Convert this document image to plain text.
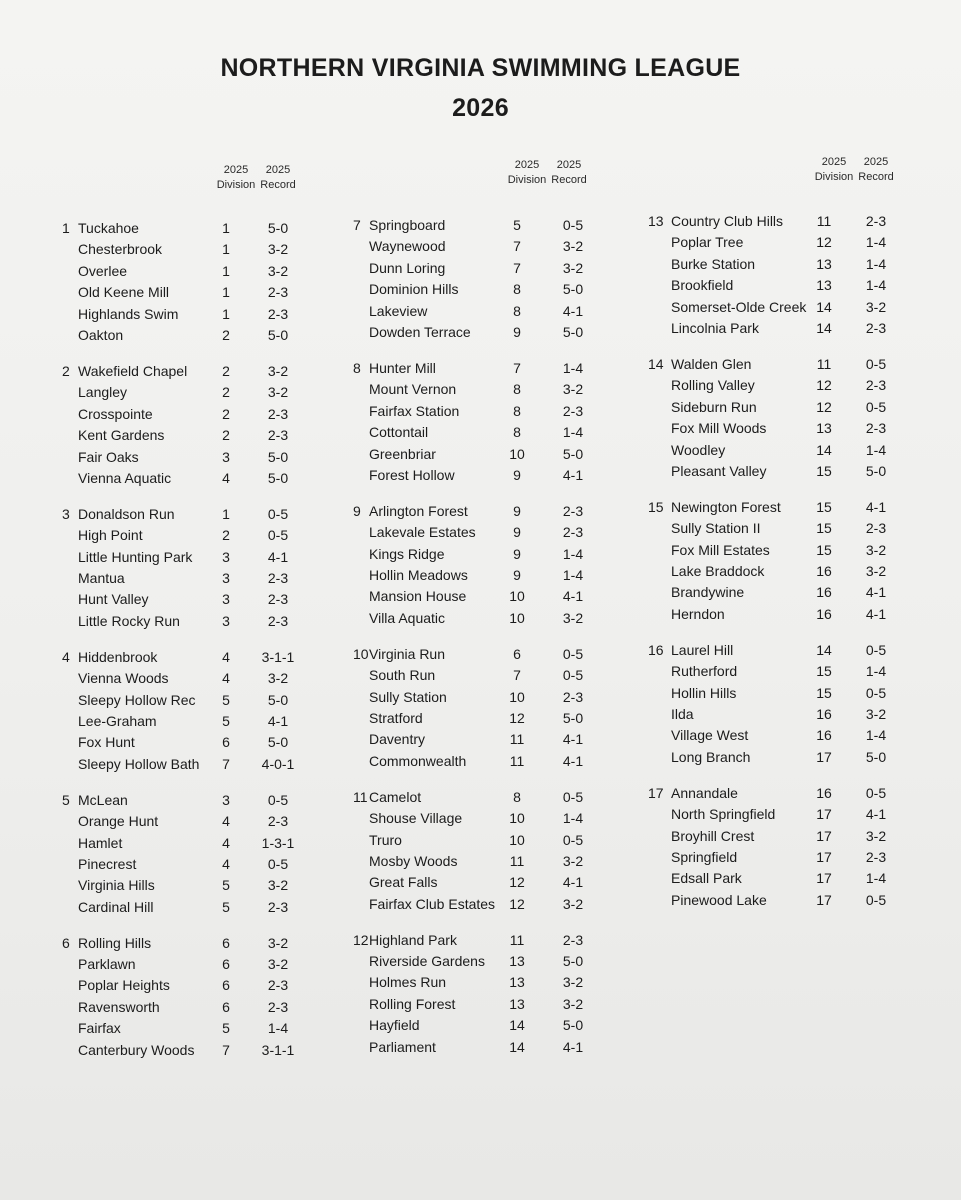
NORTHERN VIRGINIA SWIMMING LEAGUE
2026
2025
Division
2025
Record
1 Tuckahoe	1	5-0
Chesterbrook	1	3-2
Overlee	1	3-2
Old Keene Mill	1	2-3
Highlands Swim	1	2-3
Oakton	2	5-0
2 Wakefield Chapel	2	3-2
Langley	2	3-2
Crosspointe	2	2-3
Kent Gardens	2	2-3
Fair Oaks	3	5-0
Vienna Aquatic	4	5-0
3 Donaldson Run	1	0-5
High Point	2	0-5
Little Hunting Park	3	4-1
Mantua	3	2-3
Hunt Valley	3	2-3
Little Rocky Run	3	2-3
4 Hiddenbrook	4	3-1-1
Vienna Woods	4	3-2
Sleepy Hollow Rec	5	5-0
Lee-Graham	5	4-1
Fox Hunt	6	5-0
Sleepy Hollow Bath	7	4-0-1
5 McLean	3	0-5
Orange Hunt	4	2-3
Hamlet	4	1-3-1
Pinecrest	4	0-5
Virginia Hills	5	3-2
Cardinal Hill	5	2-3
6 Rolling Hills	6	3-2
Parklawn	6	3-2
Poplar Heights	6	2-3
Ravensworth	6	2-3
Fairfax	5	1-4
Canterbury Woods	7	3-1-1
2025
Division
2025
Record
7 Springboard	5	0-5
Waynewood	7	3-2
Dunn Loring	7	3-2
Dominion Hills	8	5-0
Lakeview	8	4-1
Dowden Terrace	9	5-0
8 Hunter Mill	7	1-4
Mount Vernon	8	3-2
Fairfax Station	8	2-3
Cottontail	8	1-4
Greenbriar	10	5-0
Forest Hollow	9	4-1
9 Arlington Forest	9	2-3
Lakevale Estates	9	2-3
Kings Ridge	9	1-4
Hollin Meadows	9	1-4
Mansion House	10	4-1
Villa Aquatic	10	3-2
10 Virginia Run	6	0-5
South Run	7	0-5
Sully Station	10	2-3
Stratford	12	5-0
Daventry	11	4-1
Commonwealth	11	4-1
11 Camelot	8	0-5
Shouse Village	10	1-4
Truro	10	0-5
Mosby Woods	11	3-2
Great Falls	12	4-1
Fairfax Club Estates	12	3-2
12 Highland Park	11	2-3
Riverside Gardens	13	5-0
Holmes Run	13	3-2
Rolling Forest	13	3-2
Hayfield	14	5-0
Parliament	14	4-1
2025
Division
2025
Record
13 Country Club Hills	11	2-3
Poplar Tree	12	1-4
Burke Station	13	1-4
Brookfield	13	1-4
Somerset-Olde Creek 14	3-2
Lincolnia Park	14	2-3
14 Walden Glen	11	0-5
Rolling Valley	12	2-3
Sideburn Run	12	0-5
Fox Mill Woods	13	2-3
Woodley	14	1-4
Pleasant Valley	15	5-0
15 Newington Forest	15	4-1
Sully Station II	15	2-3
Fox Mill Estates	15	3-2
Lake Braddock	16	3-2
Brandywine	16	4-1
Herndon	16	4-1
16 Laurel Hill	14	0-5
Rutherford	15	1-4
Hollin Hills	15	0-5
Ilda	16	3-2
Village West	16	1-4
Long Branch	17	5-0
17 Annandale	16	0-5
North Springfield	17	4-1
Broyhill Crest	17	3-2
Springfield	17	2-3
Edsall Park	17	1-4
Pinewood Lake	17	0-5
